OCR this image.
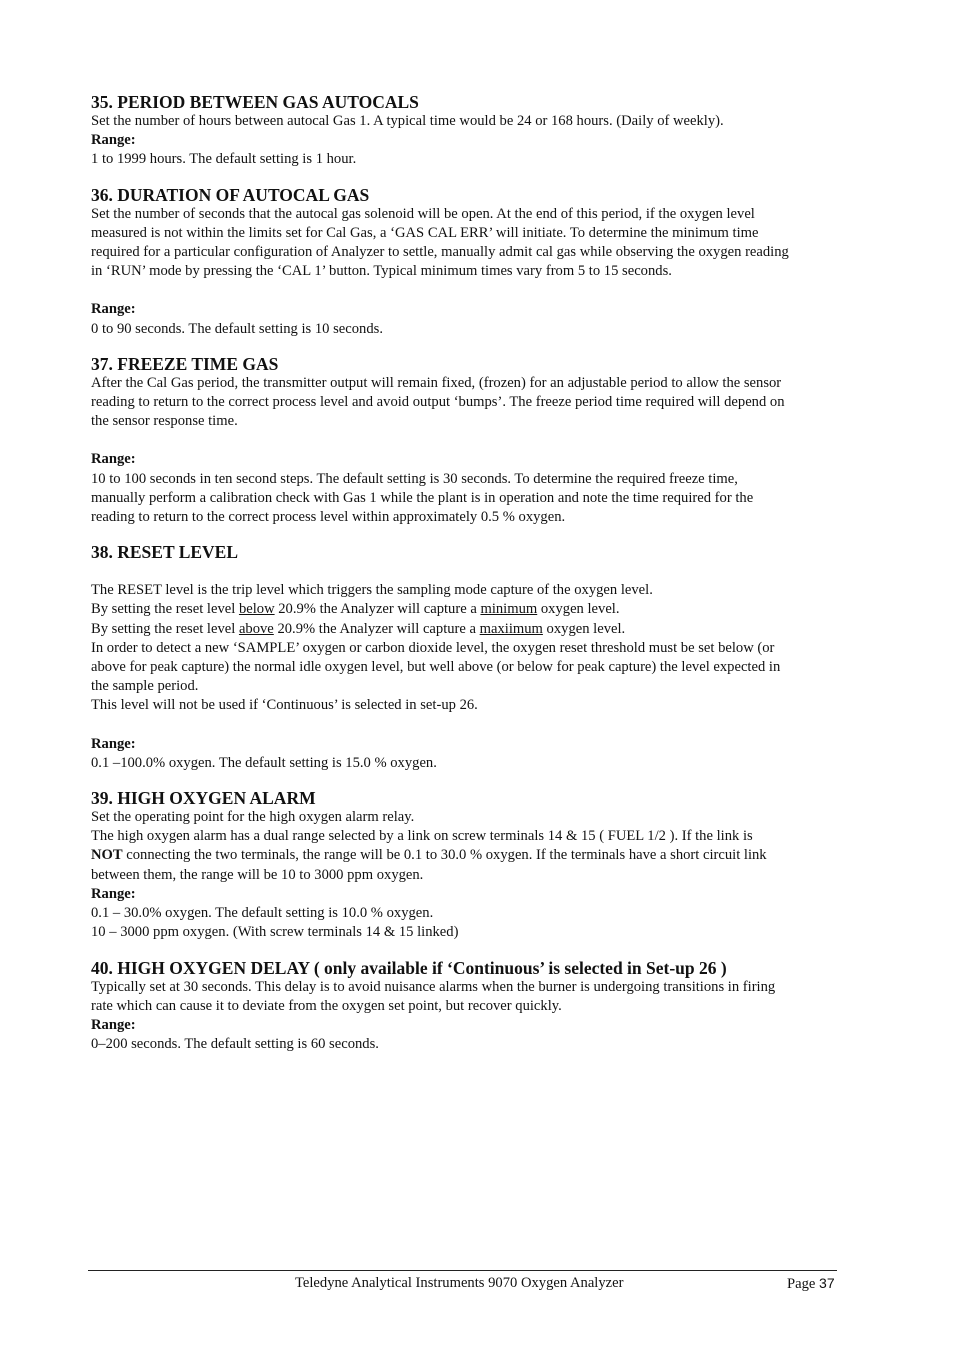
35. PERIOD BETWEEN GAS AUTOCALS

Set the number of hours between autocal Gas 1. A typical time would be 24 or 168 hours. (Daily of weekly).

Range:

1 to 1999 hours. The default setting is 1 hour.

36. DURATION OF AUTOCAL GAS

Set the number of seconds that the autocal gas solenoid will be open. At the end of this period, if the oxygen level

measured is not within the limits set for Cal Gas, a ‘GAS CAL ERR’ will initiate. To determine the minimum time

required for a particular configuration of Analyzer to settle, manually admit cal gas while observing the oxygen reading

in ‘RUN’ mode by pressing the ‘CAL 1’ button. Typical minimum times vary from 5 to 15 seconds.

Range:

0 to 90 seconds. The default setting is 10 seconds.

37. FREEZE TIME GAS

After the Cal Gas period, the transmitter output will remain fixed, (frozen) for an adjustable period to allow the sensor

reading to return to the correct process level and avoid output ‘bumps’. The freeze period time required will depend on

the sensor response time.

Range:

10 to 100 seconds in ten second steps. The default setting is 30 seconds. To determine the required freeze time,

manually perform a calibration check with Gas 1 while the plant is in operation and note the time required for the

reading to return to the correct process level within approximately 0.5 % oxygen.

38. RESET LEVEL

The RESET level is the trip level which triggers the sampling mode capture of the oxygen level.

By setting the reset level below 20.9% the Analyzer will capture a minimum oxygen level.

By setting the reset level above 20.9% the Analyzer will capture a maxiimum oxygen level.

In order to detect a new ‘SAMPLE’ oxygen or carbon dioxide level, the oxygen reset threshold must be set below (or

above for peak capture) the normal idle oxygen level, but well above (or below for peak capture) the level expected in

the sample period.

This level will not be used if ‘Continuous’ is selected in set-up 26.

Range:

0.1 –100.0% oxygen. The default setting is 15.0 % oxygen.

39. HIGH OXYGEN ALARM

Set the operating point for the high oxygen alarm relay.

The high oxygen alarm has a dual range selected by a link on screw terminals 14 & 15 ( FUEL 1/2 ). If the link is

NOT connecting the two terminals, the range will be 0.1 to 30.0 % oxygen. If the terminals have a short circuit link

between them, the range will be 10 to 3000 ppm oxygen.

Range:

0.1 – 30.0% oxygen. The default setting is 10.0 % oxygen.

10 – 3000 ppm oxygen. (With screw terminals 14 & 15 linked)

40. HIGH OXYGEN DELAY ( only available if ‘Continuous’ is selected in Set-up 26 )

Typically set at 30 seconds. This delay is to avoid nuisance alarms when the burner is undergoing transitions in firing

rate which can cause it to deviate from the oxygen set point, but recover quickly.

Range:

0–200 seconds. The default setting is 60 seconds.

Teledyne Analytical Instruments 9070 Oxygen Analyzer	Page 37
